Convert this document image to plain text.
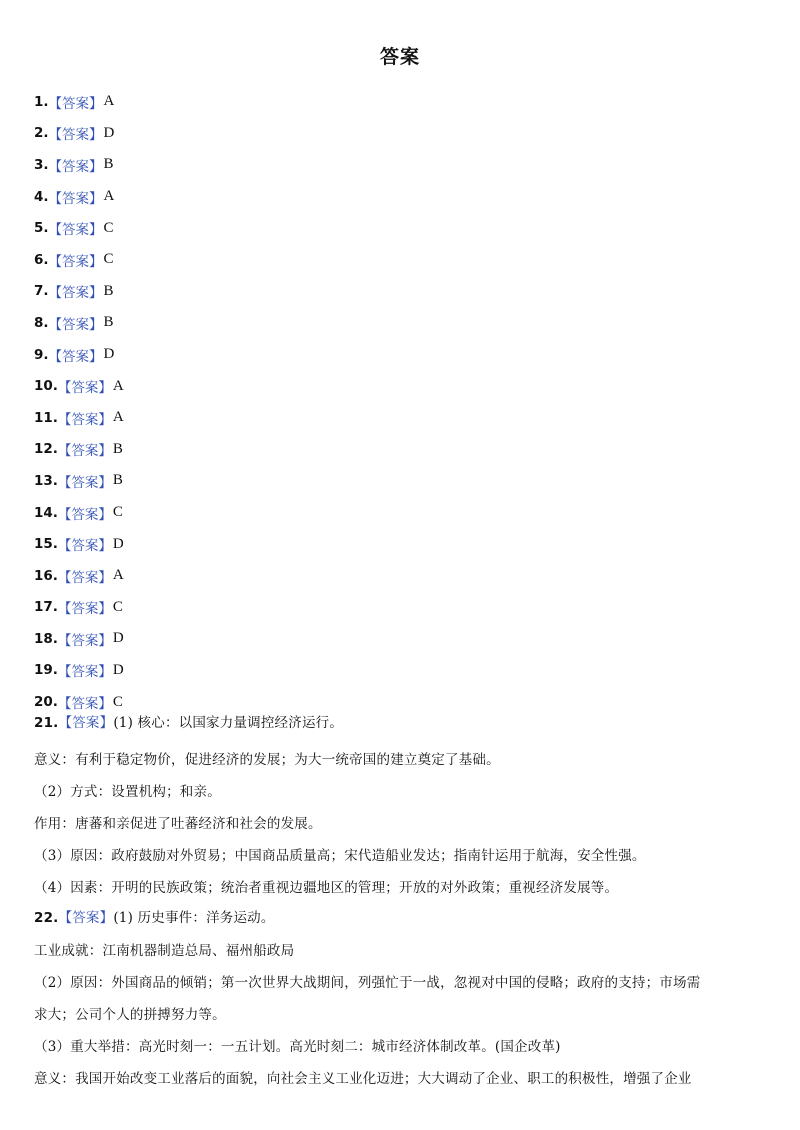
答案
1. 【答案】 A
2. 【答案】 D
3. 【答案】 B
4. 【答案】 A
5. 【答案】 C
6. 【答案】 C
7. 【答案】 B
8. 【答案】 B
9. 【答案】 D
10. 【答案】 A
11. 【答案】 A
12. 【答案】 B
13. 【答案】 B
14. 【答案】 C
15. 【答案】 D
16. 【答案】 A
17. 【答案】 C
18. 【答案】 D
19. 【答案】 D
20. 【答案】 C
21.【答案】(1) 核心：以国家力量调控经济运行。
意义：有利于稳定物价，促进经济的发展；为大一统帝国的建立奠定了基础。
（2）方式：设置机构；和亲。
作用：唐蕃和亲促进了吐蕃经济和社会的发展。
（3）原因：政府鼓励对外贸易；中国商品质量高；宋代造船业发达；指南针运用于航海，安全性强。
（4）因素：开明的民族政策；统治者重视边疆地区的管理；开放的对外政策；重视经济发展等。
22.【答案】(1) 历史事件：洋务运动。
工业成就：江南机器制造总局、福州船政局
（2）原因：外国商品的倾销；第一次世界大战期间，列强忙于一战，忽视对中国的侵略；政府的支持；市场需
求大；公司个人的拼搏努力等。
（3）重大举措：高光时刻一：一五计划。高光时刻二：城市经济体制改革。(国企改革)
意义：我国开始改变工业落后的面貌，向社会主义工业化迈进；大大调动了企业、职工的积极性，增强了企业
